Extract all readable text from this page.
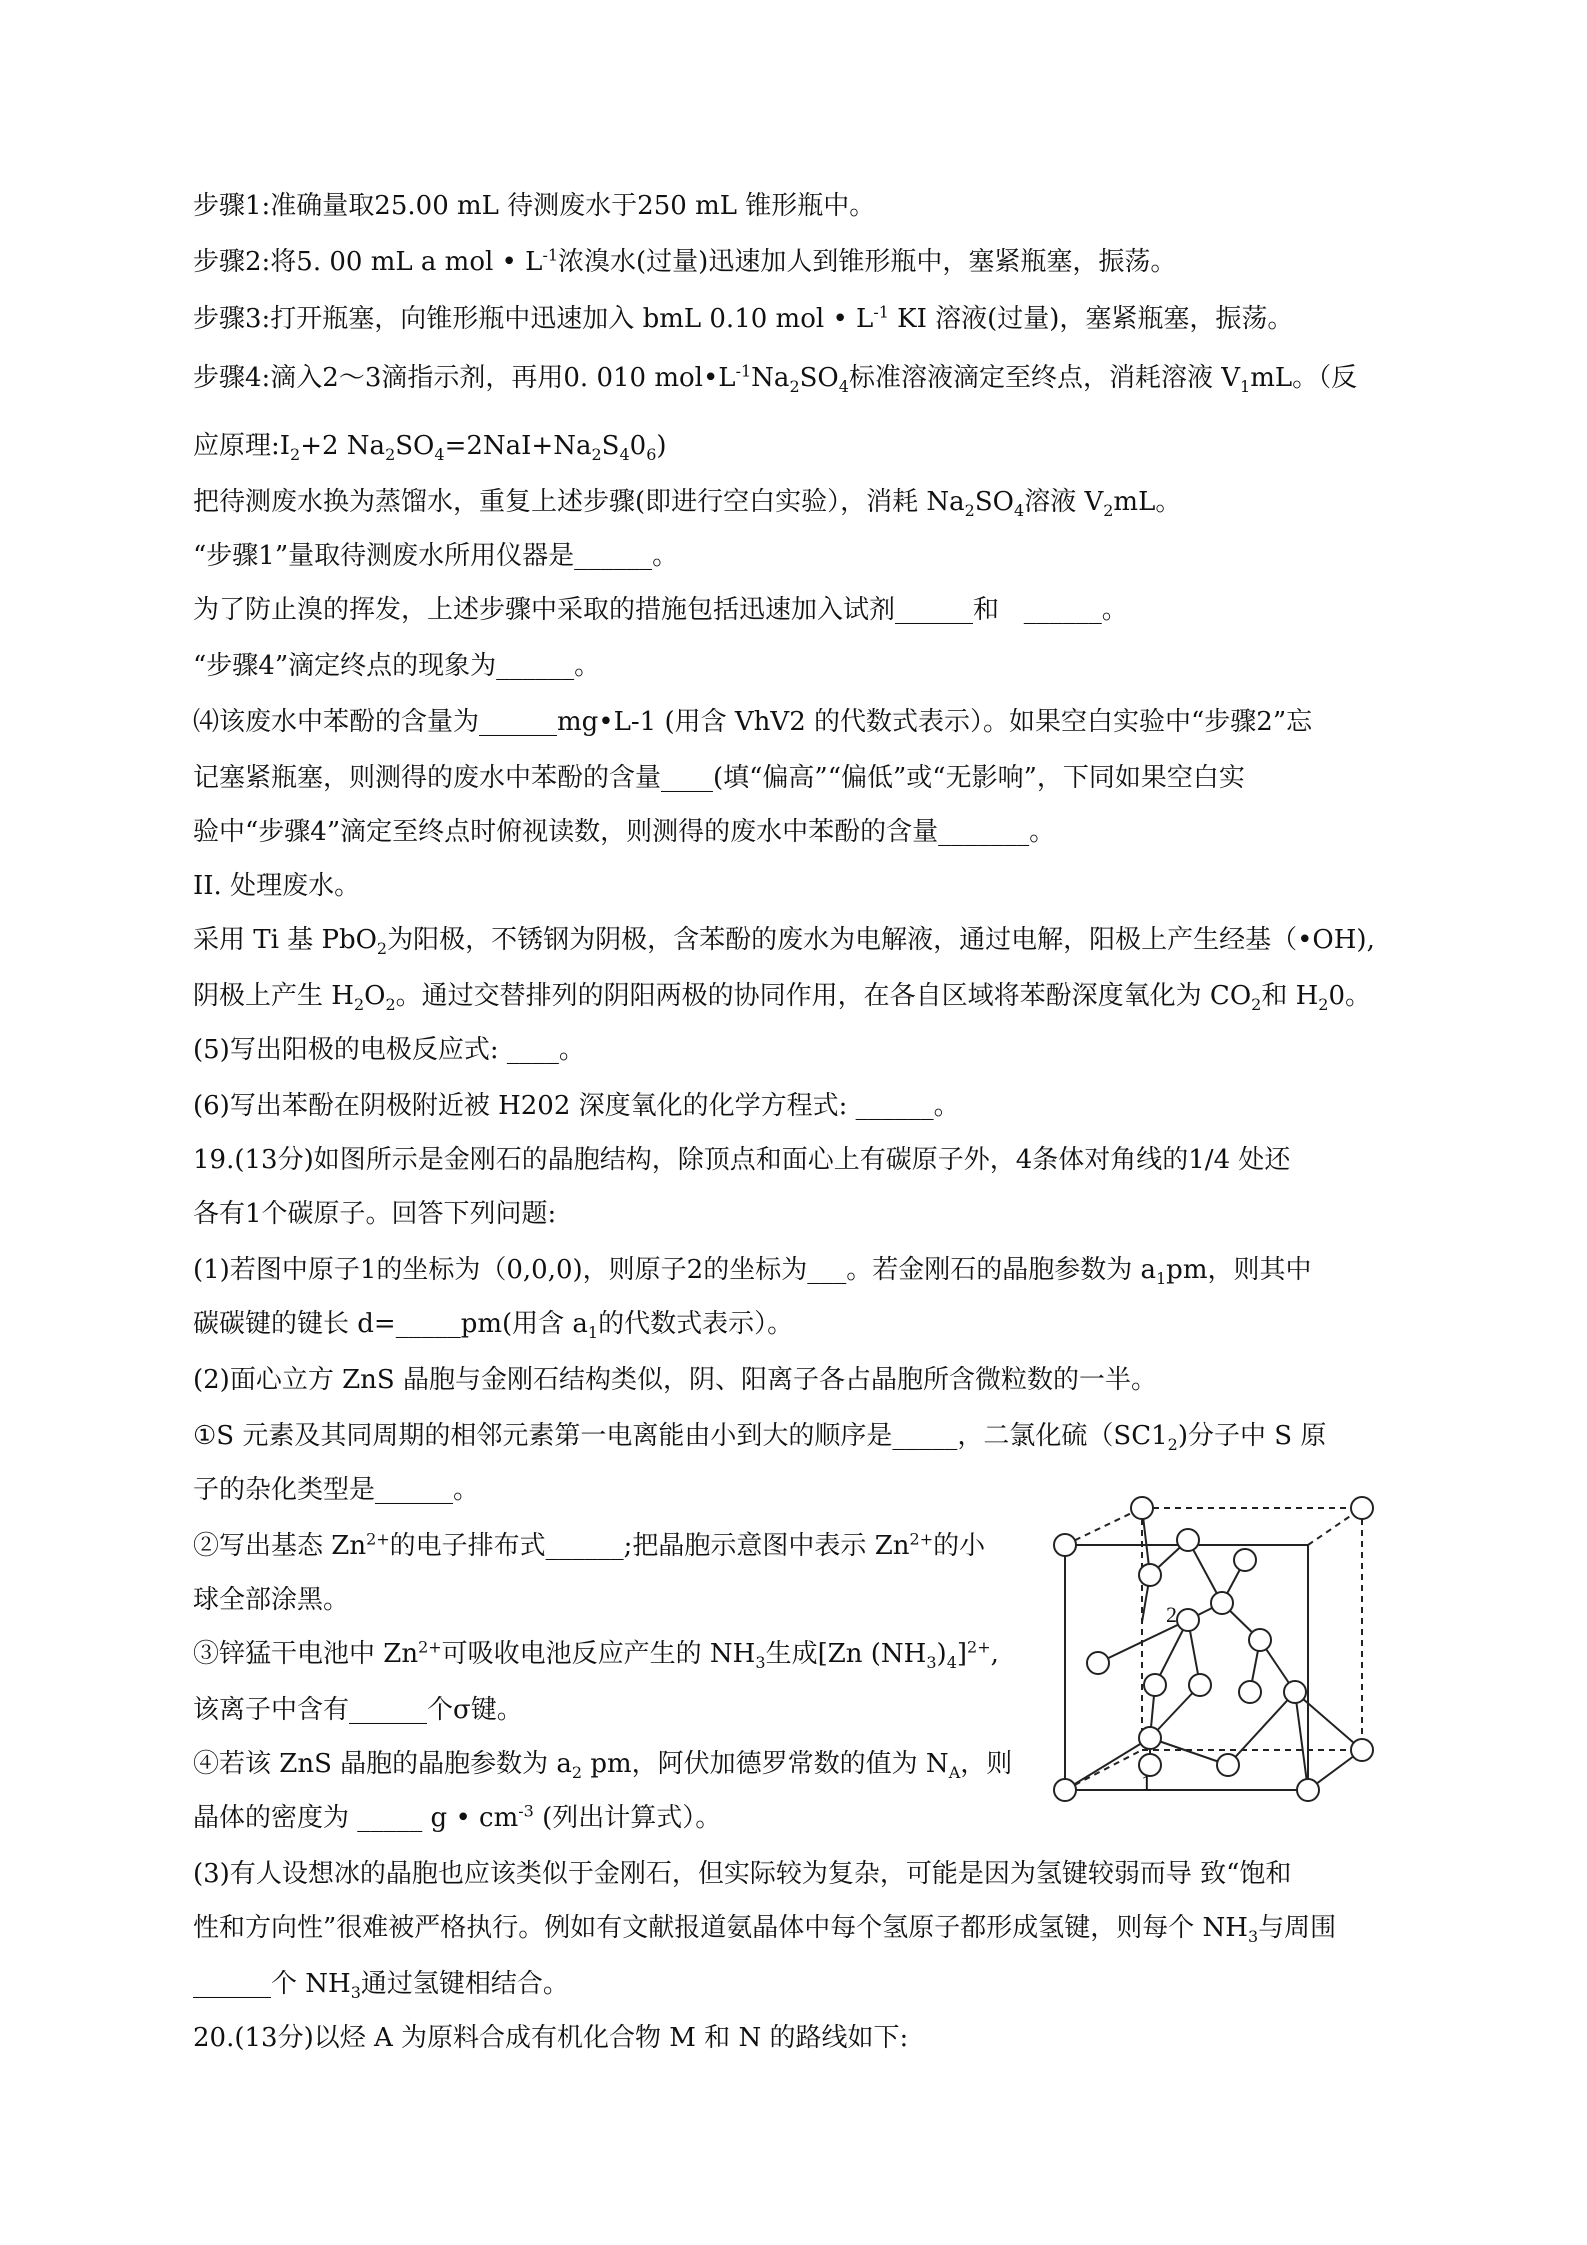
步骤1:准确量取25.00 mL 待测废水于250 mL 锥形瓶中。
步骤2:将5. 00 mL a mol • $L^{-1}$浓溴水(过量)迅速加人到锥形瓶中，塞紧瓶塞，振荡。
步骤3:打开瓶塞，向锥形瓶中迅速加入 bmL 0.10 mol • $L^{-1}$ KI 溶液(过量)，塞紧瓶塞，振荡。
步骤4:滴入2～3滴指示剂，再用0. 010 $mol•L^{-1}Na_2SO_4$标准溶液滴定至终点，消耗溶液 $V_1mL$。（反
应原理$:I_2+2$ $Na_2SO_4=2NaI+Na_2S_40_6$)
把待测废水换为蒸馏水，重复上述步骤(即进行空白实验），消耗 $Na_2SO_4$溶液 $V_2mL$。
“步骤1”量取待测废水所用仪器是______。
为了防止溴的挥发，上述步骤中采取的措施包括迅速加入试剂______和   ______。
“步骤4”滴定终点的现象为______。
⑷该废水中苯酚的含量为______mg•L-1 (用含 VhV2 的代数式表示）。如果空白实验中“步骤2”忘
记塞紧瓶塞，则测得的废水中苯酚的含量____(填“偏高”“偏低”或“无影响”，下同如果空白实
验中“步骤4”滴定至终点时俯视读数，则测得的废水中苯酚的含量_______。
II. 处理废水。
采用 Ti 基 PbO$_2$为阳极，不锈钢为阴极，含苯酚的废水为电解液，通过电解，阳极上产生经基（•OH),
阴极上产生 $H_2O_2$。通过交替排列的阴阳两极的协同作用，在各自区域将苯酚深度氧化为 $CO_2$和 $H_20$。
(5)写出阳极的电极反应式: ____。
(6)写出苯酚在阴极附近被 H202 深度氧化的化学方程式: ______。
19.(13分)如图所示是金刚石的晶胞结构，除顶点和面心上有碳原子外，4条体对角线的1/4 处还
各有1个碳原子。回答下列问题:
(1)若图中原子1的坐标为（0,0,0)，则原子2的坐标为___。若金刚石的晶胞参数为 $a_1pm$，则其中
碳碳键的键长 d=_____pm(用含 $a_1$的代数式表示）。
(2)面心立方 ZnS 晶胞与金刚石结构类似，阴、阳离子各占晶胞所含微粒数的一半。
①S 元素及其同周期的相邻元素第一电离能由小到大的顺序是_____，二氯化硫$(SC1_2)$分子中 S 原
子的杂化类型是______。
②写出基态 $Zn^{2+}$的电子排布式______;把晶胞示意图中表示 $Zn^{2+}$的小
球全部涂黑。
③锌猛干电池中 $Zn^{2+}$可吸收电池反应产生的 $NH_3$生成[Zn $(NH_3)_4]^{2+}$,
该离子中含有______个σ键。
④若该 ZnS 晶胞的晶胞参数为 $a_2$ pm，阿伏加德罗常数的值为 $N_A$，则
晶体的密度为 _____ g • $cm^{-3}$ (列出计算式）。
(3)有人设想冰的晶胞也应该类似于金刚石，但实际较为复杂，可能是因为氢键较弱而导 致“饱和
性和方向性”很难被严格执行。例如有文献报道氨晶体中每个氢原子都形成氢键，则每个 $NH_3$与周围
______个 $NH_3$通过氢键相结合。
20.(13分)以烃 A 为原料合成有机化合物 M 和 N 的路线如下:
2
1
